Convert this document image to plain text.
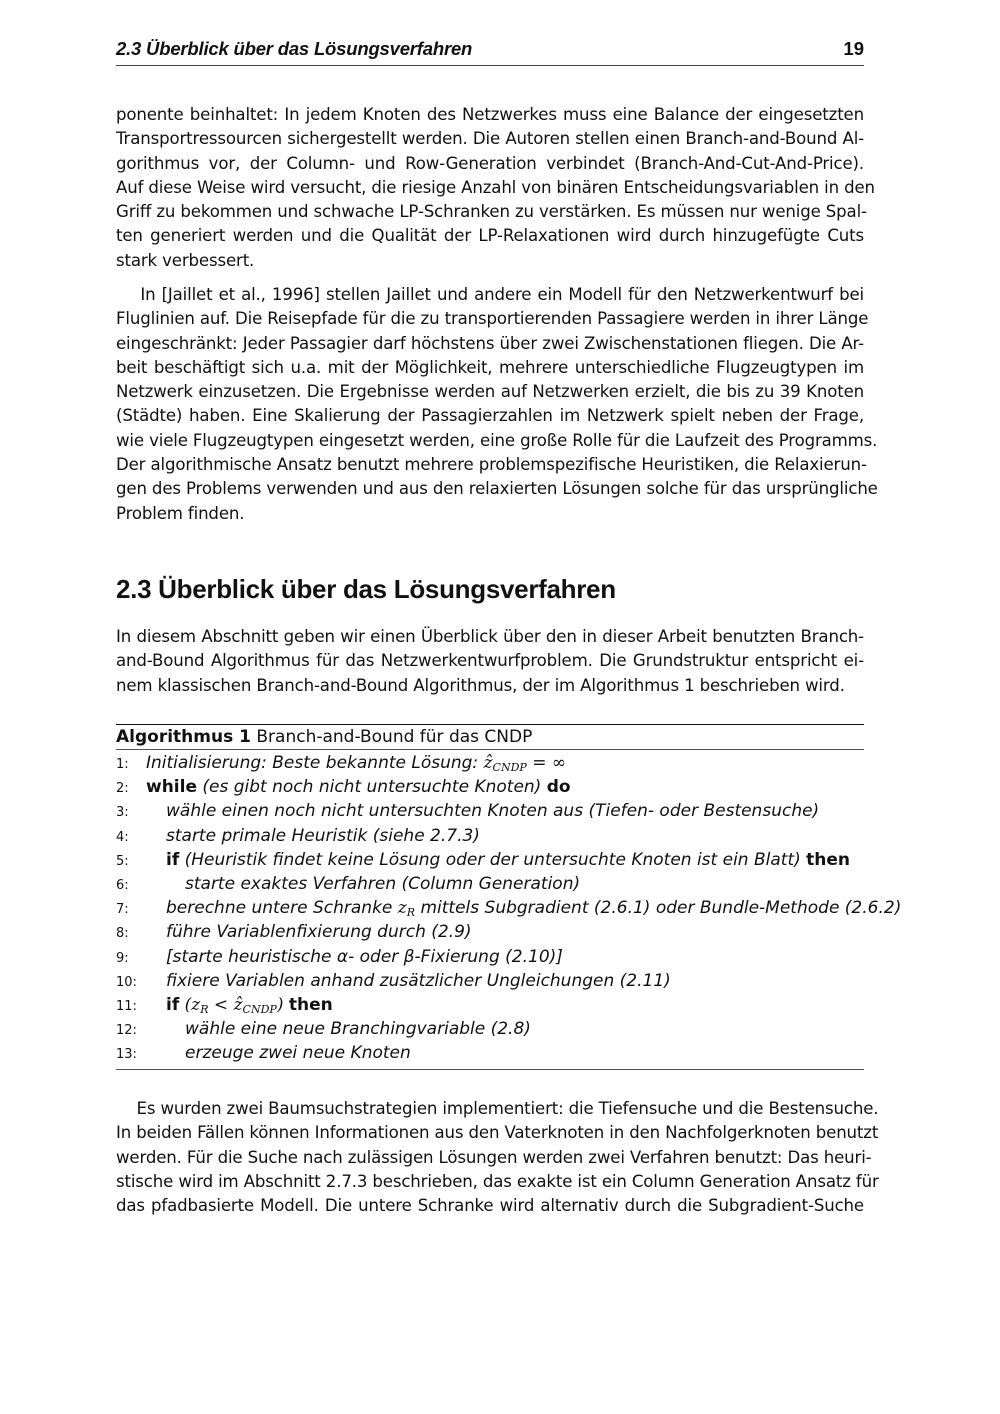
2.3 Überblick über das Lösungsverfahren	19
ponente beinhaltet: In jedem Knoten des Netzwerkes muss eine Balance der eingesetzten
Transportressourcen sichergestellt werden. Die Autoren stellen einen Branch-and-Bound Al-
gorithmus vor, der Column- und Row-Generation verbindet (Branch-And-Cut-And-Price).
Auf diese Weise wird versucht, die riesige Anzahl von binären Entscheidungsvariablen in den
Griff zu bekommen und schwache LP-Schranken zu verstärken. Es müssen nur wenige Spal-
ten generiert werden und die Qualität der LP-Relaxationen wird durch hinzugefügte Cuts
stark verbessert.
In [Jaillet et al., 1996] stellen Jaillet und andere ein Modell für den Netzwerkentwurf bei
Fluglinien auf. Die Reisepfade für die zu transportierenden Passagiere werden in ihrer Länge
eingeschränkt: Jeder Passagier darf höchstens über zwei Zwischenstationen fliegen. Die Ar-
beit beschäftigt sich u.a. mit der Möglichkeit, mehrere unterschiedliche Flugzeugtypen im
Netzwerk einzusetzen. Die Ergebnisse werden auf Netzwerken erzielt, die bis zu 39 Knoten
(Städte) haben. Eine Skalierung der Passagierzahlen im Netzwerk spielt neben der Frage,
wie viele Flugzeugtypen eingesetzt werden, eine große Rolle für die Laufzeit des Programms.
Der algorithmische Ansatz benutzt mehrere problemspezifische Heuristiken, die Relaxierun-
gen des Problems verwenden und aus den relaxierten Lösungen solche für das ursprüngliche
Problem finden.
2.3 Überblick über das Lösungsverfahren
In diesem Abschnitt geben wir einen Überblick über den in dieser Arbeit benutzten Branch-
and-Bound Algorithmus für das Netzwerkentwurfproblem. Die Grundstruktur entspricht ei-
nem klassischen Branch-and-Bound Algorithmus, der im Algorithmus 1 beschrieben wird.
Algorithmus 1 Branch-and-Bound für das CNDP
1: Initialisierung: Beste bekannte Lösung: ẑ$_{CNDP}$ = ∞
2: while (es gibt noch nicht untersuchte Knoten) do
3: wähle einen noch nicht untersuchten Knoten aus (Tiefen- oder Bestensuche)
4: starte primale Heuristik (siehe 2.7.3)
5: if (Heuristik findet keine Lösung oder der untersuchte Knoten ist ein Blatt) then
6:	starte exaktes Verfahren (Column Generation)
7: berechne untere Schranke $z_R$ mittels Subgradient (2.6.1) oder Bundle-Methode (2.6.2)
8: führe Variablenfixierung durch (2.9)
9: [starte heuristische α- oder β-Fixierung (2.10)]
10: fixiere Variablen anhand zusätzlicher Ungleichungen (2.11)
11: if ($z_R$ < ẑ$_{CNDP}$) then
12:	wähle eine neue Branchingvariable (2.8)
13:	erzeuge zwei neue Knoten
Es wurden zwei Baumsuchstrategien implementiert: die Tiefensuche und die Bestensuche.
In beiden Fällen können Informationen aus den Vaterknoten in den Nachfolgerknoten benutzt
werden. Für die Suche nach zulässigen Lösungen werden zwei Verfahren benutzt: Das heuri-
stische wird im Abschnitt 2.7.3 beschrieben, das exakte ist ein Column Generation Ansatz für
das pfadbasierte Modell. Die untere Schranke wird alternativ durch die Subgradient-Suche
